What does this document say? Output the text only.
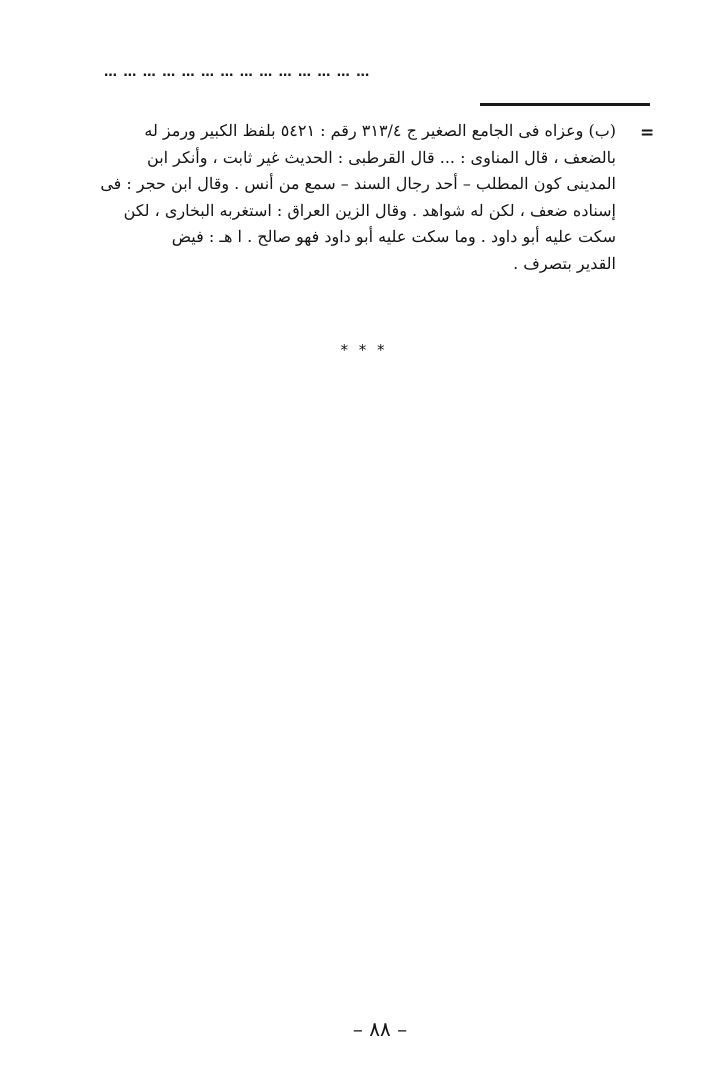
……………………………………
=

(ب) وعزاه فى الجامع الصغير ج ٣١٣/٤ رقم : ٥٤٢١ بلفظ الكبير ورمز له

بالضعف ، قال المناوى : ... قال القرطبى : الحديث غير ثابت ، وأنكر ابن

المدينى كون المطلب – أحد رجال السند – سمع من أنس . وقال ابن حجر : فى

إسناده ضعف ، لكن له شواهد . وقال الزين العراق : استغربه البخارى ، لكن

سكت عليه أبو داود . وما سكت عليه أبو داود فهو صالح . ا هـ : فيض

القدير بتصرف .

* * *
– ٨٨ –
